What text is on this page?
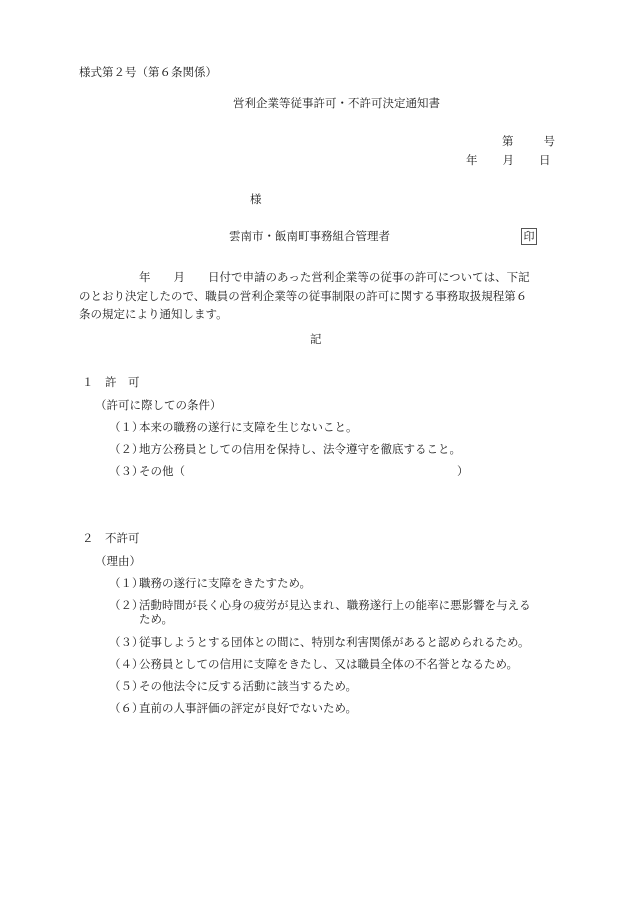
様式第２号（第６条関係）
営利企業等従事許可・不許可決定通知書
第	号
年 月 日
様
雲南市・飯南町事務組合管理者	印
年　　月　　日付で申請のあった営利企業等の従事の許可については、下記
のとおり決定したので、職員の営利企業等の従事制限の許可に関する事務取扱規程第６
条の規定により通知します。
記
１　許　可
（許可に際しての条件）
（１）本来の職務の遂行に支障を生じないこと。
（２）地方公務員としての信用を保持し、法令遵守を徹底すること。
（３）その他（	）
２　不許可
（理由）
（１）職務の遂行に支障をきたすため。
（２）活動時間が長く心身の疲労が見込まれ、職務遂行上の能率に悪影響を与える
ため。
（３）従事しようとする団体との間に、特別な利害関係があると認められるため。
（４）公務員としての信用に支障をきたし、又は職員全体の不名誉となるため。
（５）その他法令に反する活動に該当するため。
（６）直前の人事評価の評定が良好でないため。
